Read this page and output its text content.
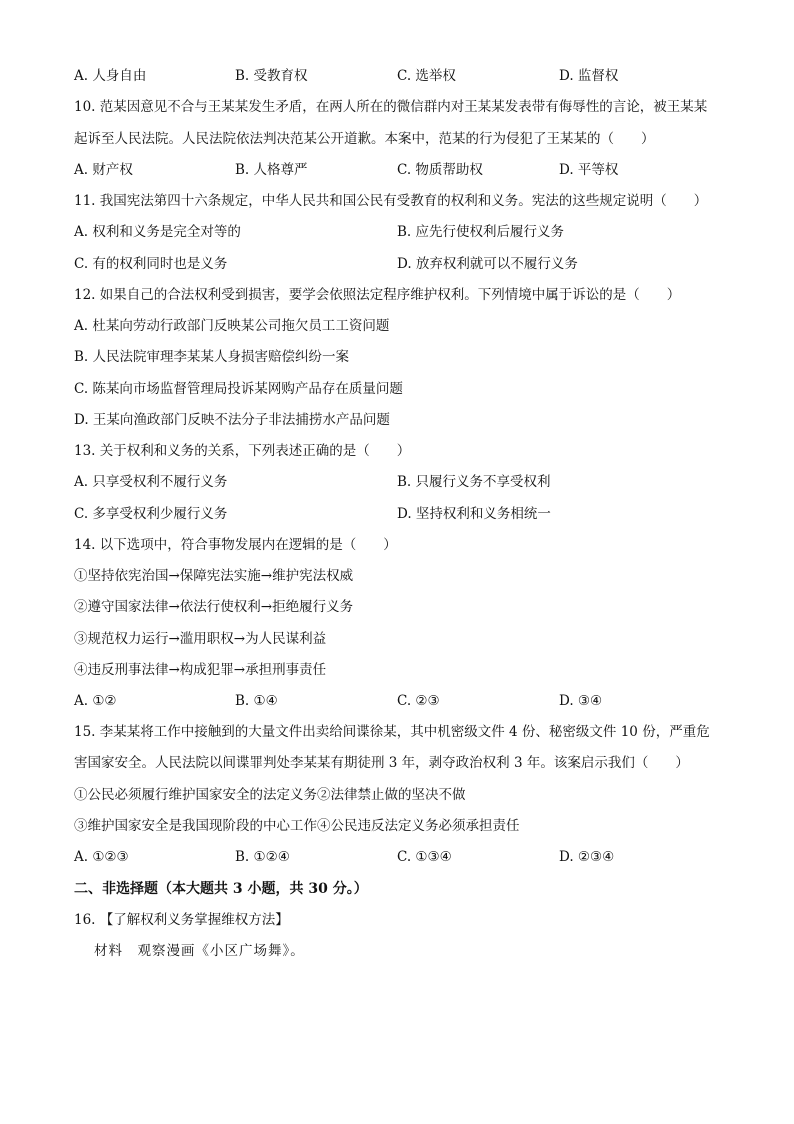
A. 人身自由	B. 受教育权	C. 选举权	D. 监督权
10. 范某因意见不合与王某某发生矛盾，在两人所在的微信群内对王某某发表带有侮辱性的言论，被王某某
起诉至人民法院。人民法院依法判决范某公开道歉。本案中，范某的行为侵犯了王某某的（　　）
A. 财产权	B. 人格尊严	C. 物质帮助权	D. 平等权
11. 我国宪法第四十六条规定，中华人民共和国公民有受教育的权利和义务。宪法的这些规定说明（　　）
A. 权利和义务是完全对等的	B. 应先行使权利后履行义务
C. 有的权利同时也是义务	D. 放弃权利就可以不履行义务
12. 如果自己的合法权利受到损害，要学会依照法定程序维护权利。下列情境中属于诉讼的是（　　）
A. 杜某向劳动行政部门反映某公司拖欠员工工资问题
B. 人民法院审理李某某人身损害赔偿纠纷一案
C. 陈某向市场监督管理局投诉某网购产品存在质量问题
D. 王某向渔政部门反映不法分子非法捕捞水产品问题
13. 关于权利和义务的关系，下列表述正确的是（　　）
A. 只享受权利不履行义务	B. 只履行义务不享受权利
C. 多享受权利少履行义务	D. 坚持权利和义务相统一
14. 以下选项中，符合事物发展内在逻辑的是（　　）
①坚持依宪治国→保障宪法实施→维护宪法权威
②遵守国家法律→依法行使权利→拒绝履行义务
③规范权力运行→滥用职权→为人民谋利益
④违反刑事法律→构成犯罪→承担刑事责任
A. ①②	B. ①④	C. ②③	D. ③④
15. 李某某将工作中接触到的大量文件出卖给间谍徐某，其中机密级文件 4 份、秘密级文件 10 份，严重危
害国家安全。人民法院以间谍罪判处李某某有期徒刑 3 年，剥夺政治权利 3 年。该案启示我们（　　）
①公民必须履行维护国家安全的法定义务②法律禁止做的坚决不做
③维护国家安全是我国现阶段的中心工作④公民违反法定义务必须承担责任
A. ①②③	B. ①②④	C. ①③④	D. ②③④
二、非选择题（本大题共 3 小题，共 30 分。）
16. 【了解权利义务掌握维权方法】
材料　观察漫画《小区广场舞》。
